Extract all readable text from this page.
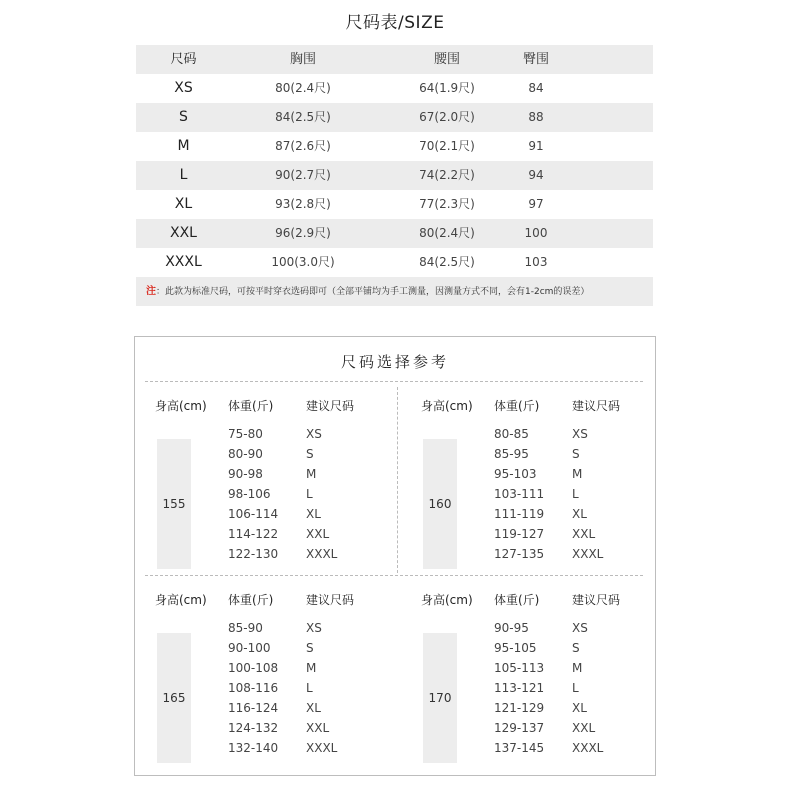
尺码表/SIZE
尺码	胸围	腰围	臀围
XS	80(2.4尺)	64(1.9尺)	84
S	84(2.5尺)	67(2.0尺)	88
M	87(2.6尺)	70(2.1尺)	91
L	90(2.7尺)	74(2.2尺)	94
XL	93(2.8尺)	77(2.3尺)	97
XXL	96(2.9尺)	80(2.4尺)	100
XXXL	100(3.0尺)	84(2.5尺)	103
注：此款为标准尺码，可按平时穿衣选码即可（全部平铺均为手工测量，因测量方式不同，会有1-2cm的误差）
尺码选择参考
身高(cm) 体重(斤)	建议尺码
155
75-80	XS
80-90	S
90-98	M
98-106	L
106-114 XL
114-122 XXL
122-130 XXXL
身高(cm) 体重(斤)	建议尺码
160
80-85	XS
85-95	S
95-103	M
103-111 L
111-119 XL
119-127 XXL
127-135 XXXL
身高(cm) 体重(斤)	建议尺码
165
85-90	XS
90-100	S
100-108 M
108-116 L
116-124 XL
124-132 XXL
132-140 XXXL
身高(cm) 体重(斤)	建议尺码
170
90-95	XS
95-105	S
105-113 M
113-121 L
121-129 XL
129-137 XXL
137-145 XXXL
